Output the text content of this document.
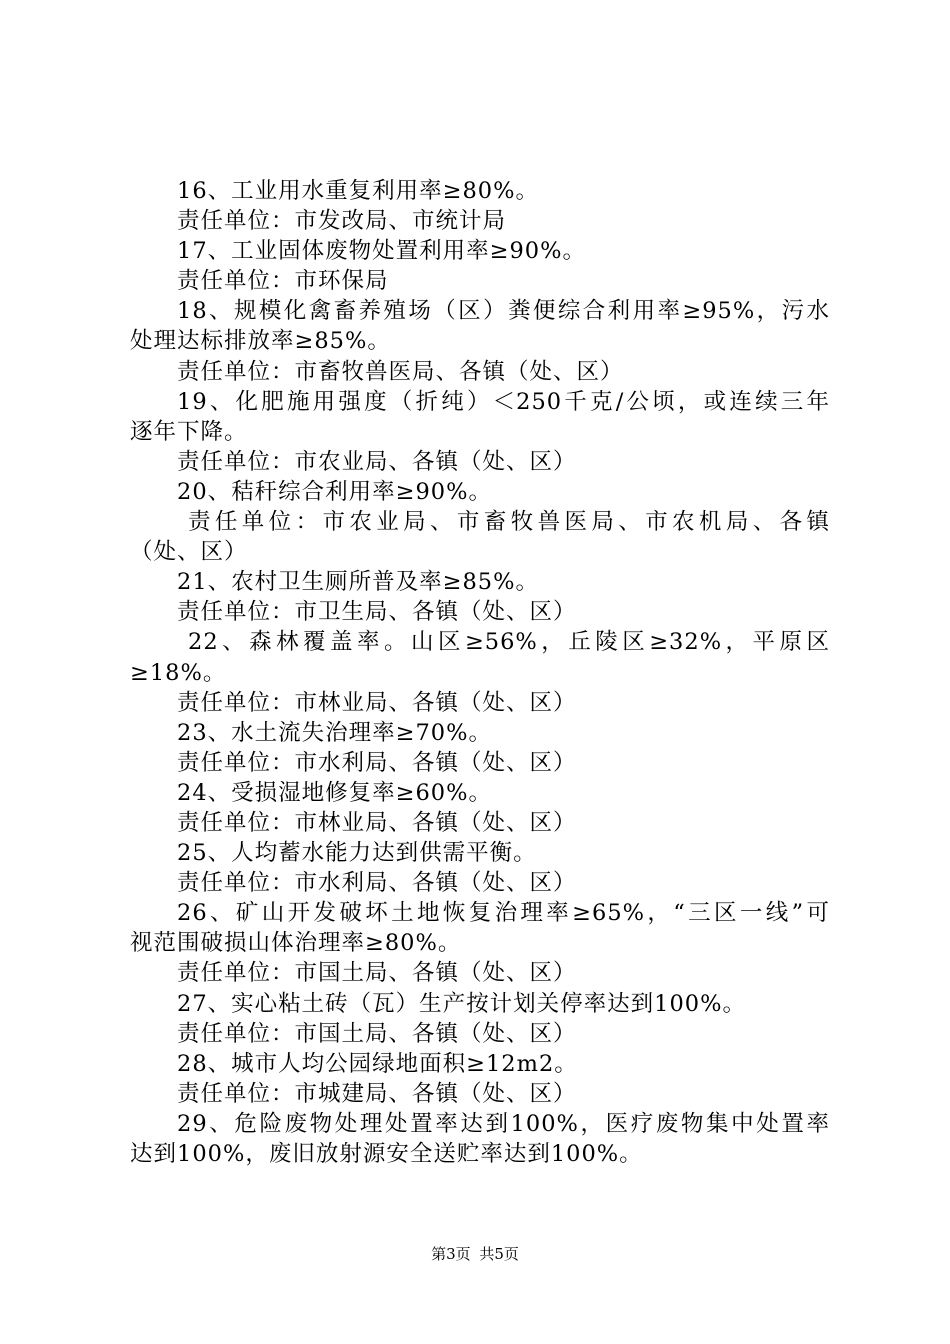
16、工业用水重复利用率≥80%。
责任单位：市发改局、市统计局
17、工业固体废物处置利用率≥90%。
责任单位：市环保局
18、规模化禽畜养殖场（区）粪便综合利用率≥95%，污水
处理达标排放率≥85%。
责任单位：市畜牧兽医局、各镇（处、区）
19、化肥施用强度（折纯）＜250千克/公顷，或连续三年
逐年下降。
责任单位：市农业局、各镇（处、区）
20、秸秆综合利用率≥90%。
责任单位：市农业局、市畜牧兽医局、市农机局、各镇
（处、区）
21、农村卫生厕所普及率≥85%。
责任单位：市卫生局、各镇（处、区）
22、森林覆盖率。山区≥56%，丘陵区≥32%，平原区
≥18%。
责任单位：市林业局、各镇（处、区）
23、水土流失治理率≥70%。
责任单位：市水利局、各镇（处、区）
24、受损湿地修复率≥60%。
责任单位：市林业局、各镇（处、区）
25、人均蓄水能力达到供需平衡。
责任单位：市水利局、各镇（处、区）
26、矿山开发破坏土地恢复治理率≥65%，“三区一线”可
视范围破损山体治理率≥80%。
责任单位：市国土局、各镇（处、区）
27、实心粘土砖（瓦）生产按计划关停率达到100%。
责任单位：市国土局、各镇（处、区）
28、城市人均公园绿地面积≥12m2。
责任单位：市城建局、各镇（处、区）
29、危险废物处理处置率达到100%，医疗废物集中处置率
达到100%，废旧放射源安全送贮率达到100%。
第3页 共5页
